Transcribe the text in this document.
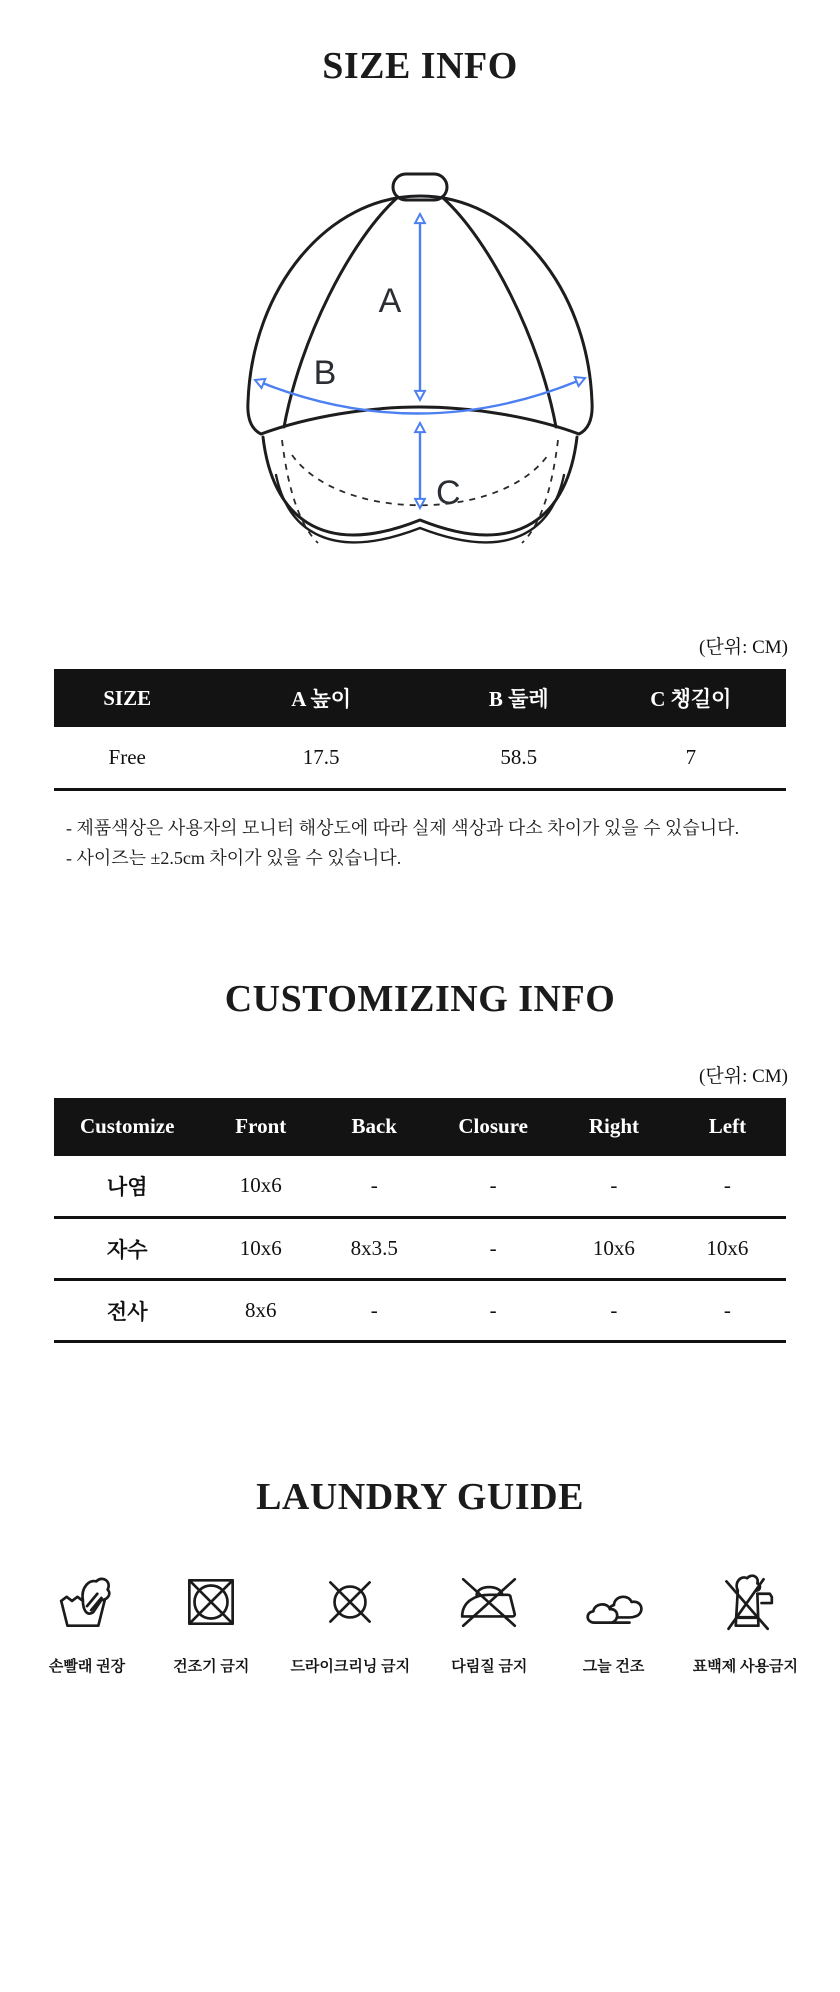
SIZE INFO
A
B
C
(단위: CM)
SIZE	A 높이	B 둘레	C 챙길이
Free	17.5	58.5	7

- 제품색상은 사용자의 모니터 해상도에 따라 실제 색상과 다소 차이가 있을 수 있습니다.

- 사이즈는 ±2.5cm 차이가 있을 수 있습니다.

CUSTOMIZING INFO
(단위: CM)
Customize	Front	Back	Closure	Right	Left
나염	10x6	-	-	-	-
자수	10x6	8x3.5	-	10x6	10x6
전사	8x6	-	-	-	-
LAUNDRY GUIDE
손빨래 권장	건조기 금지	드라이크리닝 금지	다림질 금지	그늘 건조	표백제 사용금지
